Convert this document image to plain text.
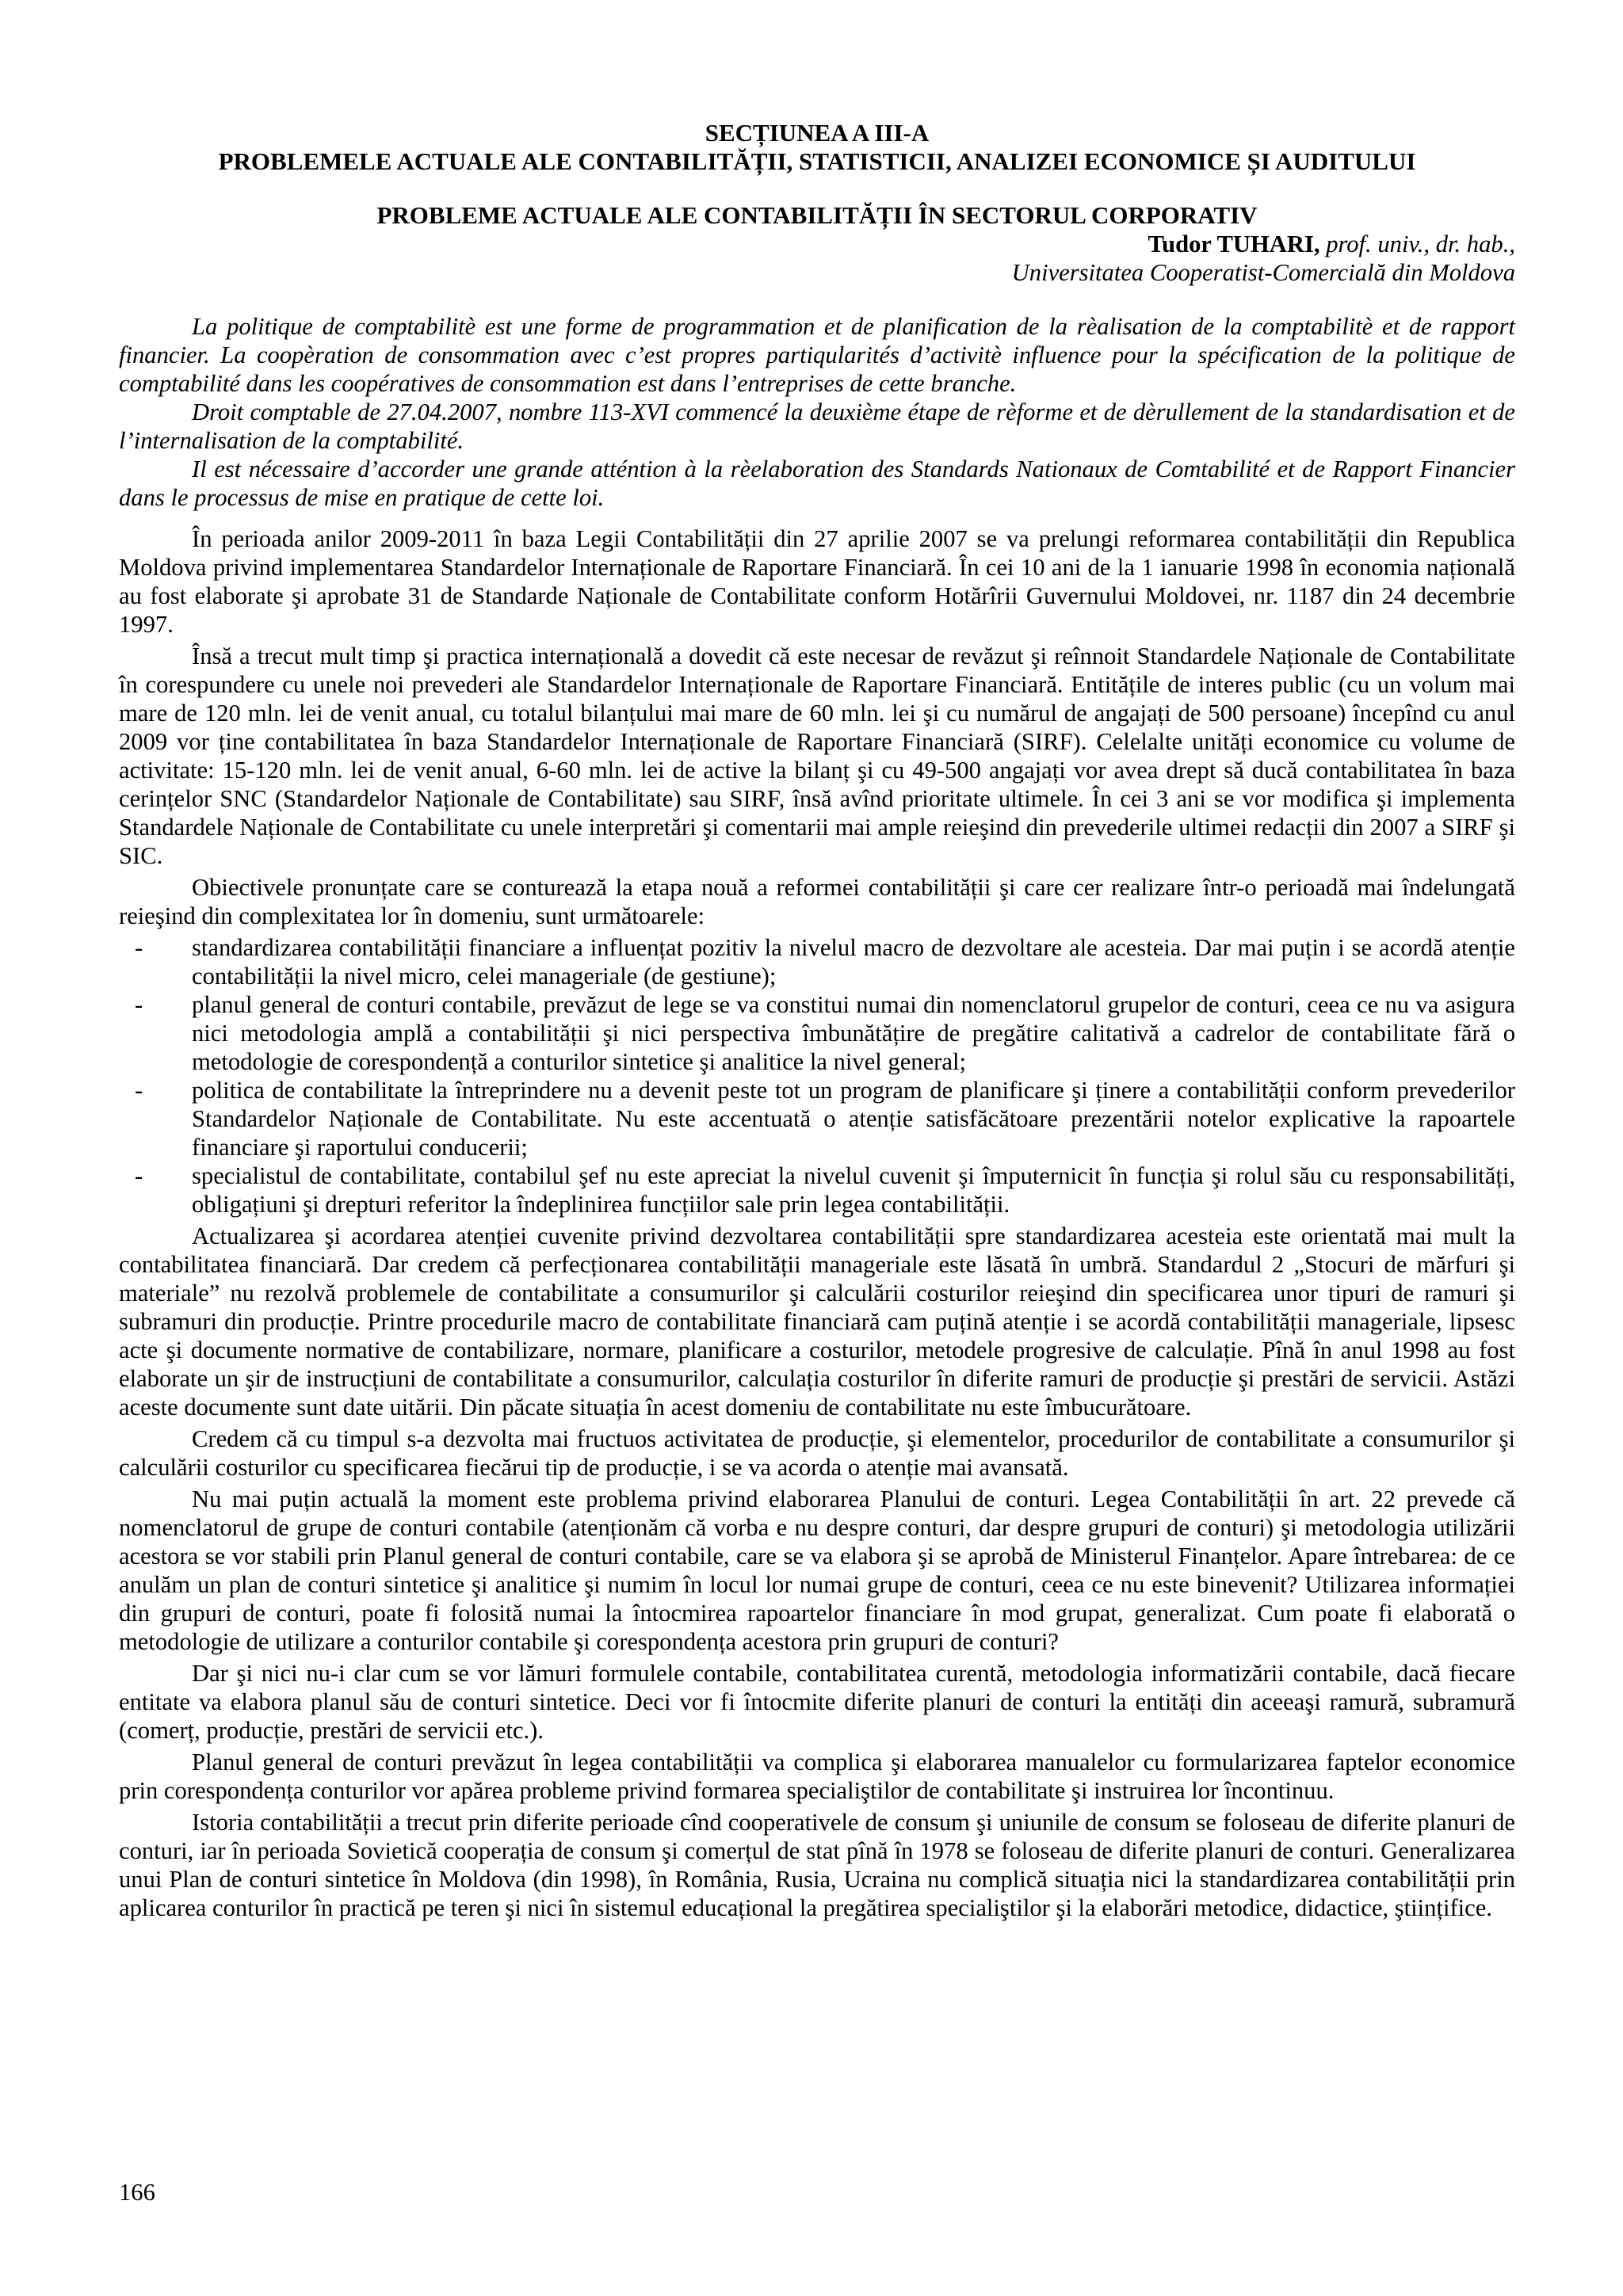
SECȚIUNEA A III-A

PROBLEMELE ACTUALE ALE CONTABILITĂȚII, STATISTICII, ANALIZEI ECONOMICE ȘI AUDITULUI

PROBLEME ACTUALE ALE CONTABILITĂȚII ÎN SECTORUL CORPORATIV

Tudor TUHARI, prof. univ., dr. hab.,

Universitatea Cooperatist-Comercială din Moldova

La politique de comptabilitè est une forme de programmation et de planification de la rèalisation de la comptabilitè et de rapport financier. La coopèration de consommation avec c’est propres partiqularités d’activitè influence pour la spécification de la politique de comptabilité dans les coopératives de consommation est dans l’entreprises de cette branche.

Droit comptable de 27.04.2007, nombre 113-XVI commencé la deuxième étape de rèforme et de dèrullement de la standardisation et de l’internalisation de la comptabilité.

Il est nécessaire d’accorder une grande atténtion à la rèelaboration des Standards Nationaux de Comtabilité et de Rapport Financier dans le processus de mise en pratique de cette loi.

În perioada anilor 2009-2011 în baza Legii Contabilității din 27 aprilie 2007 se va prelungi reformarea contabilității din Republica Moldova privind implementarea Standardelor Internaționale de Raportare Financiară. În cei 10 ani de la 1 ianuarie 1998 în economia națională au fost elaborate şi aprobate 31 de Standarde Naționale de Contabilitate conform Hotărîrii Guvernului Moldovei, nr. 1187 din 24 decembrie 1997.

Însă a trecut mult timp şi practica internațională a dovedit că este necesar de revăzut şi reînnoit Standardele Naționale de Contabilitate în corespundere cu unele noi prevederi ale Standardelor Internaționale de Raportare Financiară. Entitățile de interes public (cu un volum mai mare de 120 mln. lei de venit anual, cu totalul bilanțului mai mare de 60 mln. lei şi cu numărul de angajați de 500 persoane) începînd cu anul 2009 vor ține contabilitatea în baza Standardelor Internaționale de Raportare Financiară (SIRF). Celelalte unități economice cu volume de activitate: 15-120 mln. lei de venit anual, 6-60 mln. lei de active la bilanț şi cu 49-500 angajați vor avea drept să ducă contabilitatea în baza cerințelor SNC (Standardelor Naționale de Contabilitate) sau SIRF, însă avînd prioritate ultimele. În cei 3 ani se vor modifica şi implementa Standardele Naționale de Contabilitate cu unele interpretări şi comentarii mai ample reieşind din prevederile ultimei redacții din 2007 a SIRF şi SIC.

Obiectivele pronunțate care se conturează la etapa nouă a reformei contabilității şi care cer realizare într-o perioadă mai îndelungată reieşind din complexitatea lor în domeniu, sunt următoarele:

- standardizarea contabilității financiare a influențat pozitiv la nivelul macro de dezvoltare ale acesteia. Dar mai puțin i se acordă atenție contabilității la nivel micro, celei manageriale (de gestiune);
- planul general de conturi contabile, prevăzut de lege se va constitui numai din nomenclatorul grupelor de conturi, ceea ce nu va asigura nici metodologia amplă a contabilității şi nici perspectiva îmbunătățire de pregătire calitativă a cadrelor de contabilitate fără o metodologie de corespondență a conturilor sintetice şi analitice la nivel general;
- politica de contabilitate la întreprindere nu a devenit peste tot un program de planificare şi ținere a contabilității conform prevederilor Standardelor Naționale de Contabilitate. Nu este accentuată o atenție satisfăcătoare prezentării notelor explicative la rapoartele financiare şi raportului conducerii;
- specialistul de contabilitate, contabilul şef nu este apreciat la nivelul cuvenit şi împuternicit în funcția şi rolul său cu responsabilități, obligațiuni şi drepturi referitor la îndeplinirea funcțiilor sale prin legea contabilității.

Actualizarea şi acordarea atenției cuvenite privind dezvoltarea contabilității spre standardizarea acesteia este orientată mai mult la contabilitatea financiară. Dar credem că perfecționarea contabilității manageriale este lăsată în umbră. Standardul 2 „Stocuri de mărfuri şi materiale” nu rezolvă problemele de contabilitate a consumurilor şi calculării costurilor reieşind din specificarea unor tipuri de ramuri şi subramuri din producție. Printre procedurile macro de contabilitate financiară cam puțină atenție i se acordă contabilității manageriale, lipsesc acte şi documente normative de contabilizare, normare, planificare a costurilor, metodele progresive de calculație. Pînă în anul 1998 au fost elaborate un şir de instrucțiuni de contabilitate a consumurilor, calculația costurilor în diferite ramuri de producție şi prestări de servicii. Astăzi aceste documente sunt date uitării. Din păcate situația în acest domeniu de contabilitate nu este îmbucurătoare.

Credem că cu timpul s-a dezvolta mai fructuos activitatea de producție, şi elementelor, procedurilor de contabilitate a consumurilor şi calculării costurilor cu specificarea fiecărui tip de producție, i se va acorda o atenție mai avansată.

Nu mai puțin actuală la moment este problema privind elaborarea Planului de conturi. Legea Contabilității în art. 22 prevede că nomenclatorul de grupe de conturi contabile (atenționăm că vorba e nu despre conturi, dar despre grupuri de conturi) şi metodologia utilizării acestora se vor stabili prin Planul general de conturi contabile, care se va elabora şi se aprobă de Ministerul Finanțelor. Apare întrebarea: de ce anulăm un plan de conturi sintetice şi analitice şi numim în locul lor numai grupe de conturi, ceea ce nu este binevenit? Utilizarea informației din grupuri de conturi, poate fi folosită numai la întocmirea rapoartelor financiare în mod grupat, generalizat. Cum poate fi elaborată o metodologie de utilizare a conturilor contabile şi corespondența acestora prin grupuri de conturi?

Dar şi nici nu-i clar cum se vor lămuri formulele contabile, contabilitatea curentă, metodologia informatizării contabile, dacă fiecare entitate va elabora planul său de conturi sintetice. Deci vor fi întocmite diferite planuri de conturi la entități din aceeaşi ramură, subramură (comerț, producție, prestări de servicii etc.).

Planul general de conturi prevăzut în legea contabilității va complica şi elaborarea manualelor cu formularizarea faptelor economice prin corespondența conturilor vor apărea probleme privind formarea specialiştilor de contabilitate şi instruirea lor încontinuu.

Istoria contabilității a trecut prin diferite perioade cînd cooperativele de consum şi uniunile de consum se foloseau de diferite planuri de conturi, iar în perioada Sovietică cooperația de consum şi comerțul de stat pînă în 1978 se foloseau de diferite planuri de conturi. Generalizarea unui Plan de conturi sintetice în Moldova (din 1998), în România, Rusia, Ucraina nu complică situația nici la standardizarea contabilității prin aplicarea conturilor în practică pe teren şi nici în sistemul educațional la pregătirea specialiştilor şi la elaborări metodice, didactice, ştiințifice.

166
